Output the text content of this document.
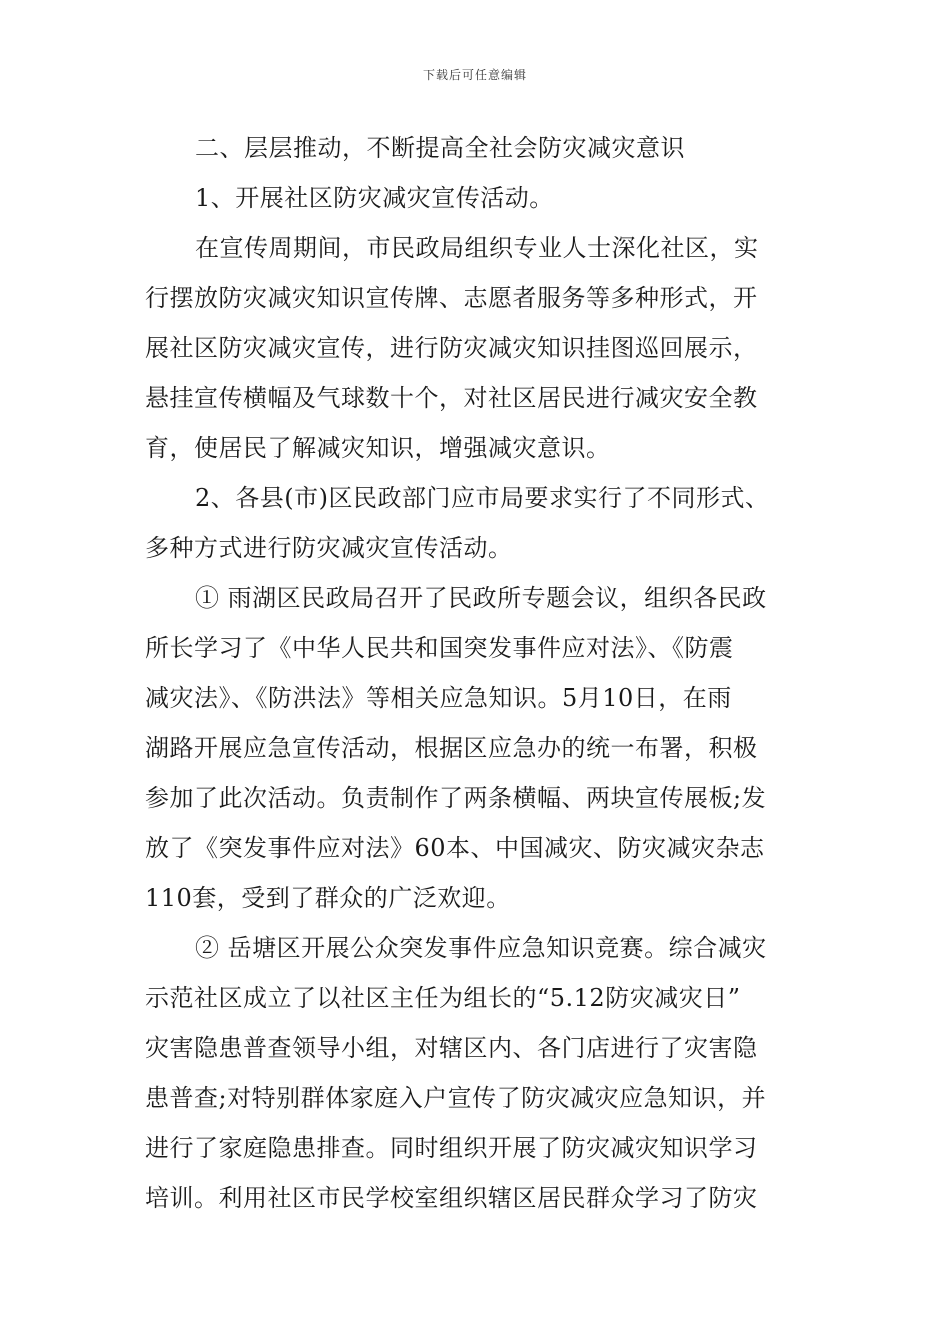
下载后可任意编辑
二、层层推动，不断提高全社会防灾减灾意识
1、开展社区防灾减灾宣传活动。
在宣传周期间，市民政局组织专业人士深化社区，实
行摆放防灾减灾知识宣传牌、志愿者服务等多种形式，开
展社区防灾减灾宣传，进行防灾减灾知识挂图巡回展示，
悬挂宣传横幅及气球数十个，对社区居民进行减灾安全教
育，使居民了解减灾知识，增强减灾意识。
2、各县(市)区民政部门应市局要求实行了不同形式、
多种方式进行防灾减灾宣传活动。
① 雨湖区民政局召开了民政所专题会议，组织各民政
所长学习了《中华人民共和国突发事件应对法》、《防震
减灾法》、《防洪法》等相关应急知识。5月10日，在雨
湖路开展应急宣传活动，根据区应急办的统一布署，积极
参加了此次活动。负责制作了两条横幅、两块宣传展板;发
放了《突发事件应对法》60本、中国减灾、防灾减灾杂志
110套，受到了群众的广泛欢迎。
② 岳塘区开展公众突发事件应急知识竞赛。综合减灾
示范社区成立了以社区主任为组长的“5.12防灾减灾日”
灾害隐患普查领导小组，对辖区内、各门店进行了灾害隐
患普查;对特别群体家庭入户宣传了防灾减灾应急知识，并
进行了家庭隐患排查。同时组织开展了防灾减灾知识学习
培训。利用社区市民学校室组织辖区居民群众学习了防灾
